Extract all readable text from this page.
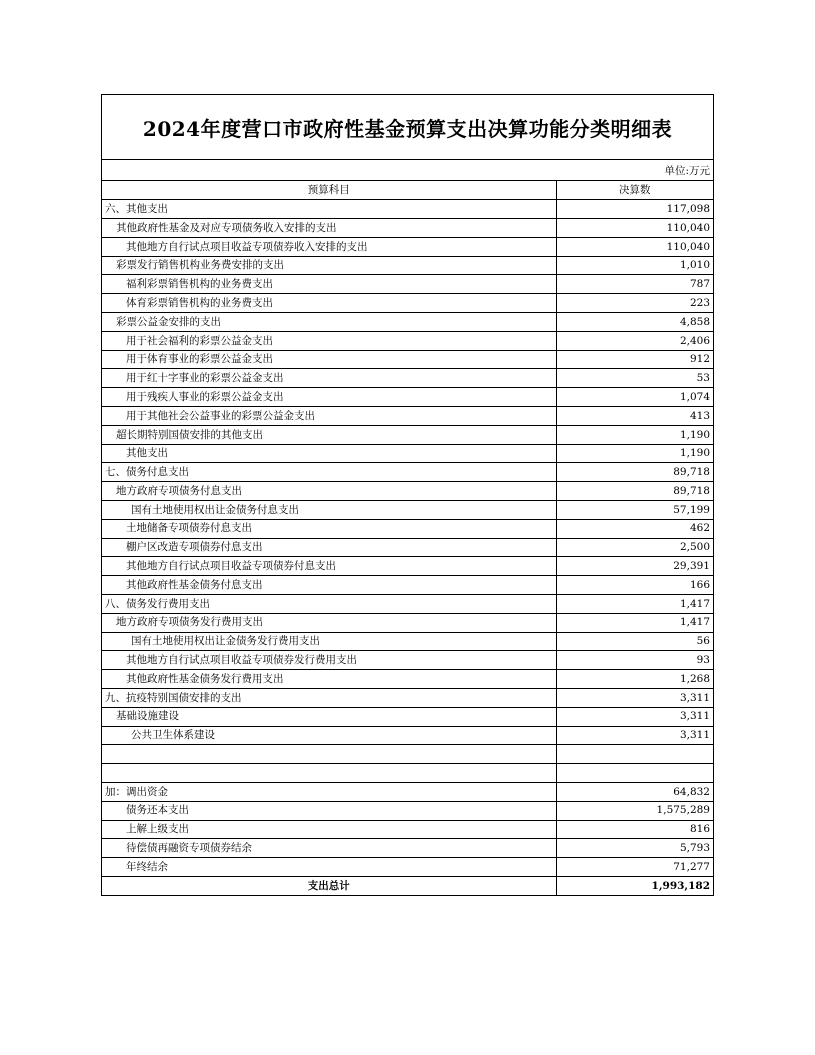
2024年度营口市政府性基金预算支出决算功能分类明细表
单位:万元
预算科目	决算数
六、其他支出	117,098
其他政府性基金及对应专项债务收入安排的支出	110,040
其他地方自行试点项目收益专项债券收入安排的支出	110,040
彩票发行销售机构业务费安排的支出	1,010
福利彩票销售机构的业务费支出	787
体育彩票销售机构的业务费支出	223
彩票公益金安排的支出	4,858
用于社会福利的彩票公益金支出	2,406
用于体育事业的彩票公益金支出	912
用于红十字事业的彩票公益金支出	53
用于残疾人事业的彩票公益金支出	1,074
用于其他社会公益事业的彩票公益金支出	413
超长期特别国债安排的其他支出	1,190
其他支出	1,190
七、债务付息支出	89,718
地方政府专项债务付息支出	89,718
国有土地使用权出让金债务付息支出	57,199
土地储备专项债券付息支出	462
棚户区改造专项债券付息支出	2,500
其他地方自行试点项目收益专项债券付息支出	29,391
其他政府性基金债务付息支出	166
八、债务发行费用支出	1,417
地方政府专项债务发行费用支出	1,417
国有土地使用权出让金债务发行费用支出	56
其他地方自行试点项目收益专项债券发行费用支出	93
其他政府性基金债务发行费用支出	1,268
九、抗疫特别国债安排的支出	3,311
基础设施建设	3,311
公共卫生体系建设	3,311

加：调出资金	64,832
债务还本支出	1,575,289
上解上级支出	816
待偿债再融资专项债券结余	5,793
年终结余	71,277
支出总计	1,993,182
